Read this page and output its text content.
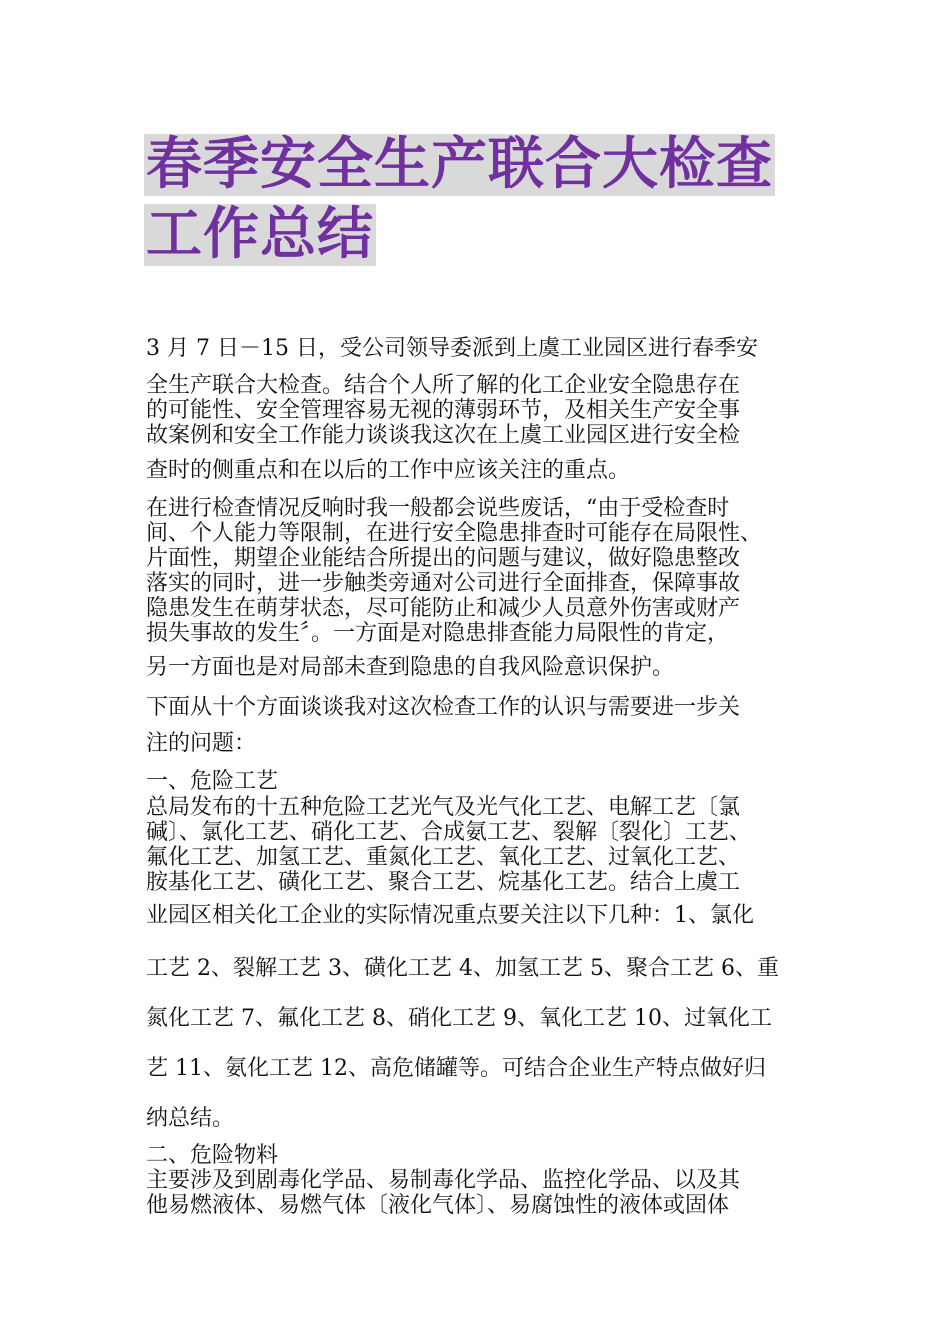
春季安全生产联合大检查
工作总结
3 月 7 日－15 日，受公司领导委派到上虞工业园区进行春季安
全生产联合大检查。结合个人所了解的化工企业安全隐患存在
的可能性、安全管理容易无视的薄弱环节，及相关生产安全事
故案例和安全工作能力谈谈我这次在上虞工业园区进行安全检
查时的侧重点和在以后的工作中应该关注的重点。
在进行检查情况反响时我一般都会说些废话，“由于受检查时
间、个人能力等限制，在进行安全隐患排查时可能存在局限性、
片面性，期望企业能结合所提出的问题与建议，做好隐患整改
落实的同时，进一步触类旁通对公司进行全面排查，保障事故
隐患发生在萌芽状态，尽可能防止和减少人员意外伤害或财产
损失事故的发生〞。一方面是对隐患排查能力局限性的肯定，
另一方面也是对局部未查到隐患的自我风险意识保护。
下面从十个方面谈谈我对这次检查工作的认识与需要进一步关
注的问题：
一、危险工艺
总局发布的十五种危险工艺光气及光气化工艺、电解工艺〔氯
碱〕、氯化工艺、硝化工艺、合成氨工艺、裂解〔裂化〕工艺、
氟化工艺、加氢工艺、重氮化工艺、氧化工艺、过氧化工艺、
胺基化工艺、磺化工艺、聚合工艺、烷基化工艺。结合上虞工
业园区相关化工企业的实际情况重点要关注以下几种：1、氯化
工艺 2、裂解工艺 3、磺化工艺 4、加氢工艺 5、聚合工艺 6、重
氮化工艺 7、氟化工艺 8、硝化工艺 9、氧化工艺 10、过氧化工
艺 11、氨化工艺 12、高危储罐等。可结合企业生产特点做好归
纳总结。
二、危险物料
主要涉及到剧毒化学品、易制毒化学品、监控化学品、以及其
他易燃液体、易燃气体〔液化气体〕、易腐蚀性的液体或固体
